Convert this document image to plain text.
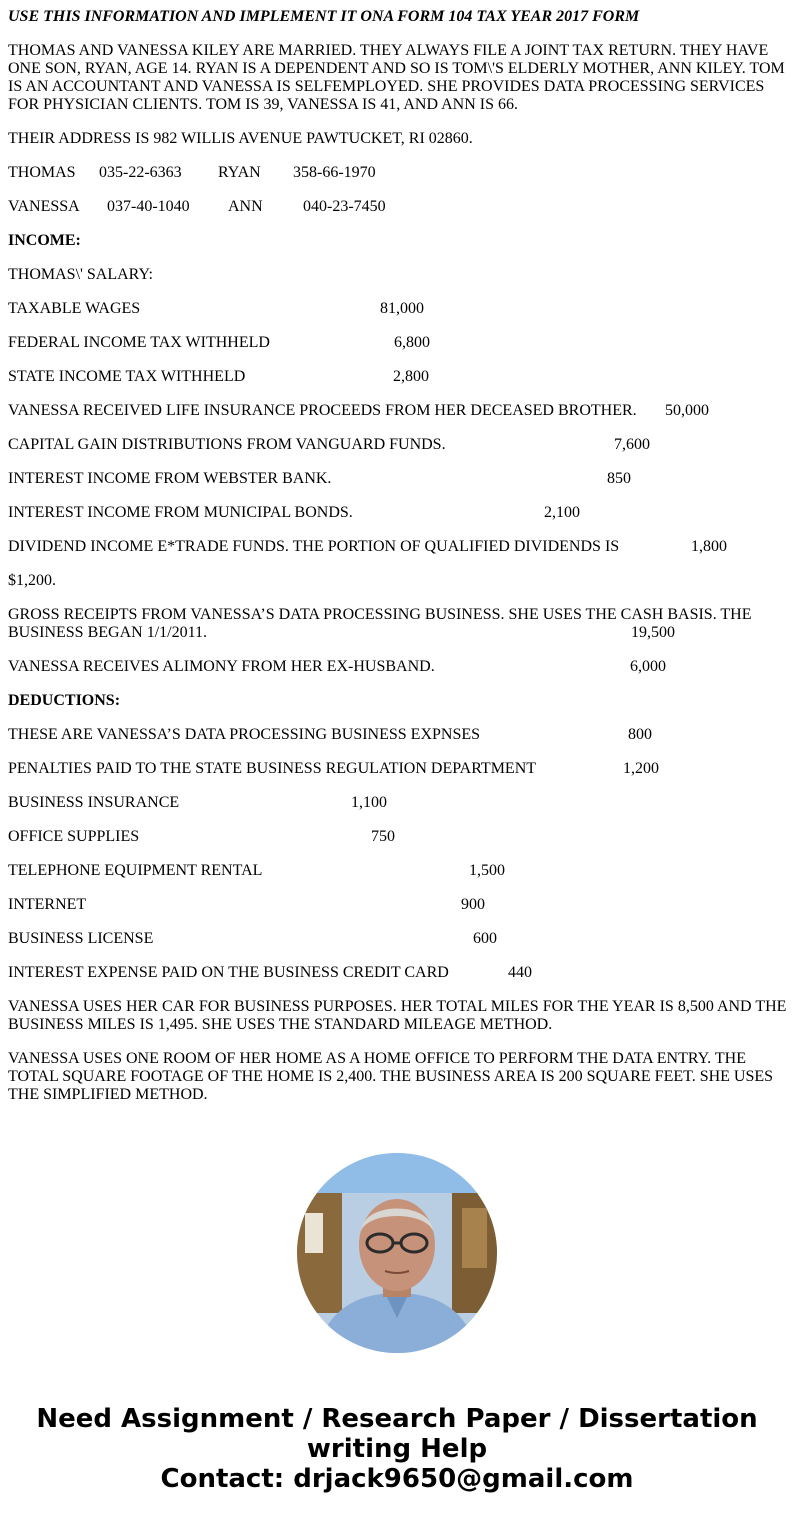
USE THIS INFORMATION AND IMPLEMENT IT ONA FORM 104 TAX YEAR 2017 FORM
THOMAS AND VANESSA KILEY ARE MARRIED. THEY ALWAYS FILE A JOINT TAX RETURN. THEY HAVE ONE SON, RYAN, AGE 14. RYAN IS A DEPENDENT AND SO IS TOM\'S ELDERLY MOTHER, ANN KILEY. TOM IS AN ACCOUNTANT AND VANESSA IS SELFEMPLOYED. SHE PROVIDES DATA PROCESSING SERVICES FOR PHYSICIAN CLIENTS. TOM IS 39, VANESSA IS 41, AND ANN IS 66.
THEIR ADDRESS IS 982 WILLIS AVENUE PAWTUCKET, RI 02860.
THOMAS 035-22-6363 RYAN 358-66-1970
VANESSA 037-40-1040 ANN	040-23-7450
INCOME:
THOMAS\' SALARY:
TAXABLE WAGES	81,000
FEDERAL INCOME TAX WITHHELD	6,800
STATE INCOME TAX WITHHELD	2,800
VANESSA RECEIVED LIFE INSURANCE PROCEEDS FROM HER DECEASED BROTHER. 50,000
CAPITAL GAIN DISTRIBUTIONS FROM VANGUARD FUNDS.	7,600
INTEREST INCOME FROM WEBSTER BANK.	850
INTEREST INCOME FROM MUNICIPAL BONDS.	2,100
DIVIDEND INCOME E*TRADE FUNDS. THE PORTION OF QUALIFIED DIVIDENDS IS	1,800
$1,200.
GROSS RECEIPTS FROM VANESSA’S DATA PROCESSING BUSINESS. SHE USES THE CASH BASIS. THE BUSINESS BEGAN 1/1/2011.	19,500
VANESSA RECEIVES ALIMONY FROM HER EX-HUSBAND.	6,000
DEDUCTIONS:
THESE ARE VANESSA’S DATA PROCESSING BUSINESS EXPNSES	800
PENALTIES PAID TO THE STATE BUSINESS REGULATION DEPARTMENT	1,200
BUSINESS INSURANCE	1,100
OFFICE SUPPLIES	750
TELEPHONE EQUIPMENT RENTAL	1,500
INTERNET	900
BUSINESS LICENSE	600
INTEREST EXPENSE PAID ON THE BUSINESS CREDIT CARD	440
VANESSA USES HER CAR FOR BUSINESS PURPOSES. HER TOTAL MILES FOR THE YEAR IS 8,500 AND THE BUSINESS MILES IS 1,495. SHE USES THE STANDARD MILEAGE METHOD.
VANESSA USES ONE ROOM OF HER HOME AS A HOME OFFICE TO PERFORM THE DATA ENTRY. THE TOTAL SQUARE FOOTAGE OF THE HOME IS 2,400. THE BUSINESS AREA IS 200 SQUARE FEET. SHE USES THE SIMPLIFIED METHOD.
Need Assignment / Research Paper / Dissertation
writing Help
Contact: drjack9650@gmail.com
